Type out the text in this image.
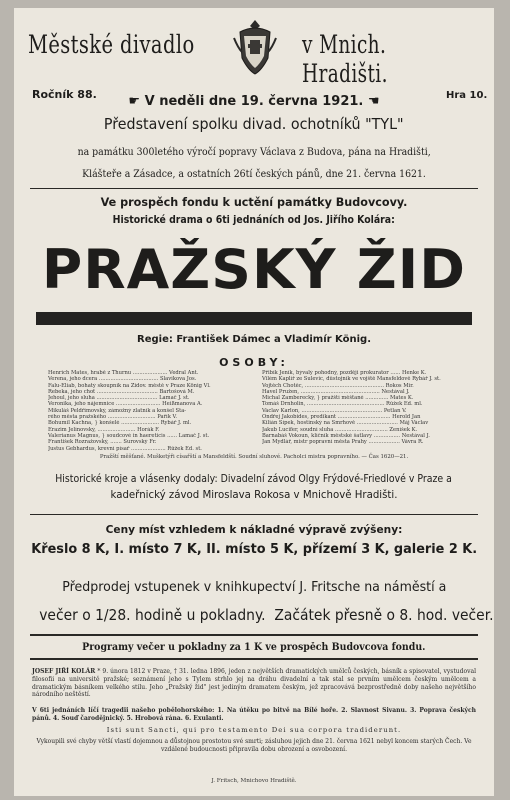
Městské divadlo	v Mnich. Hradišti.
Ročník 88.	Hra 10.
☛ V neděli dne 19. června 1921. ☚
Představení spolku divad. ochotníků "TYL"
na památku 300letého výročí popravy Václava z Budova, pána na Hradišti,
Klášteře a Zásadce, a ostatních 26tí českých pánů, dne 21. června 1621.
Ve prospěch fondu k uctění památky Budovcovy.
Historické drama o 6ti jednáních od Jos. Jiřího Kolára:
PRAŽSKÝ ŽID
Regie: František Dámec a Vladimír König.
OSOBY:
Henrich Mates, hrabě z Thurnu ..................... Vedral Ant.
Verena, jeho dcera .................................... Slavíkova Jos.
Falu-Eliab, bohatý skoupník na Židov. městě v Praze König Vl.
Rebeka, jeho choť ..................................... Bartošová M.
Jehoul, jeho sluha ..................................... Lamač J. st.
Veronika, jeho nájemnice ........................... Heißmanova A.
Mikuláš Peldřimovský, zámožný zlatník a konšel Sta-
rého města pražského ............................. Pařík V.
Bohumil Kachna, } konšelé ....................... Rybář J. ml.
Erazim Jelínovský, ....................... Horák F.
Valerianus Magnus, } soudcové in haereticis ...... Lamač J. st.
František Rozražovský, ....... Šurovský Fr.
Justus Gebhardus, krevní písař ..................... Růžek Ed. st.
Přibík Jeník, bývalý pohodný, později prokurator ...... Henke K.
Vilém Kaplíř ze Sulevic, důstojník ve vojště Mansfeldově Rybář J. st.
Vojtěch Chotěc, ................................................ Rokos Mir.
Havel Pružen, ................................................ Nestával J.
Michal Zamberecký, } pražští měšťané .............. Mates K.
Tomáš Drnholin, ............................................... Růžek Ed. ml.
Václav Karlon, ................................................. Petlan V.
Ondřej Jakobides, predikant ................................ Herold Jan
Kilián Šípek, hostinský na Smrhově ......................... Máj Václav
Jakub Lucifer, soudní sluha ................................ Ženíšek K.
Barnabáš Vokoun, klíčník městské šatlavy ................ Nestával J.
Jan Mydlář, mistr popravní města Prahy ................... Vávra R.
Pražští měšťané. Mušketýři císařští a Mansfeldští. Soudní sluhové. Pacholci mistra popravního. — Čas 1620—21.
Historické kroje a vlásenky dodaly: Divadelní závod Olgy Frýdové-Friedlové v Praze a
kadeřnický závod Miroslava Rokosa v Mnichově Hradišti.
Ceny míst vzhledem k nákladné výpravě zvýšeny:
Křeslo 8 K, I. místo 7 K, II. místo 5 K, přízemí 3 K, galerie 2 K.
Předprodej vstupenek v knihkupectví J. Fritsche na náměstí a
večer o 1/28. hodině u pokladny. Začátek přesně o 8. hod. večer.
Programy večer u pokladny za 1 K ve prospěch Budovcova fondu.
JOSEF JIŘÍ KOLÁR * 9. února 1812 v Praze, † 31. ledna 1896, jeden z největších dramatických umělců českých, básník a spisovatel, vystudoval filosofii na universitě pražské; seznámení jeho s Tylem strhlo jej na dráhu divadelní a tak stal se prvním umělcem českým umělcem a dramatickým básníkem velkého stilu. Jeho „Pražský žid" jest jediným dramatem českým, jež zpracovává bezprostředně doby našeho největšího národního neštěstí.
V 6ti jednáních líčí tragedii našeho pobělohorského: 1. Na útěku po bitvě na Bílé hoře. 2. Slavnost Sivanu. 3. Poprava českých pánů. 4. Souď čarodějnický. 5. Hrobová rána. 6. Exulanti.
Isti sunt Sancti, qui pro testamento Dei sua corpora tradiderunt.
Vykoupili své chyby větší vlastí dojemnou a důstojnou prostotou své smrti; zásluhou jejich dne 21. června 1621 nebyl koncem starých Čech. Ve vzdálené budoucnosti připravila dobu obrození a osvobození.
J. Fritsch, Mnichovo Hradiště.
